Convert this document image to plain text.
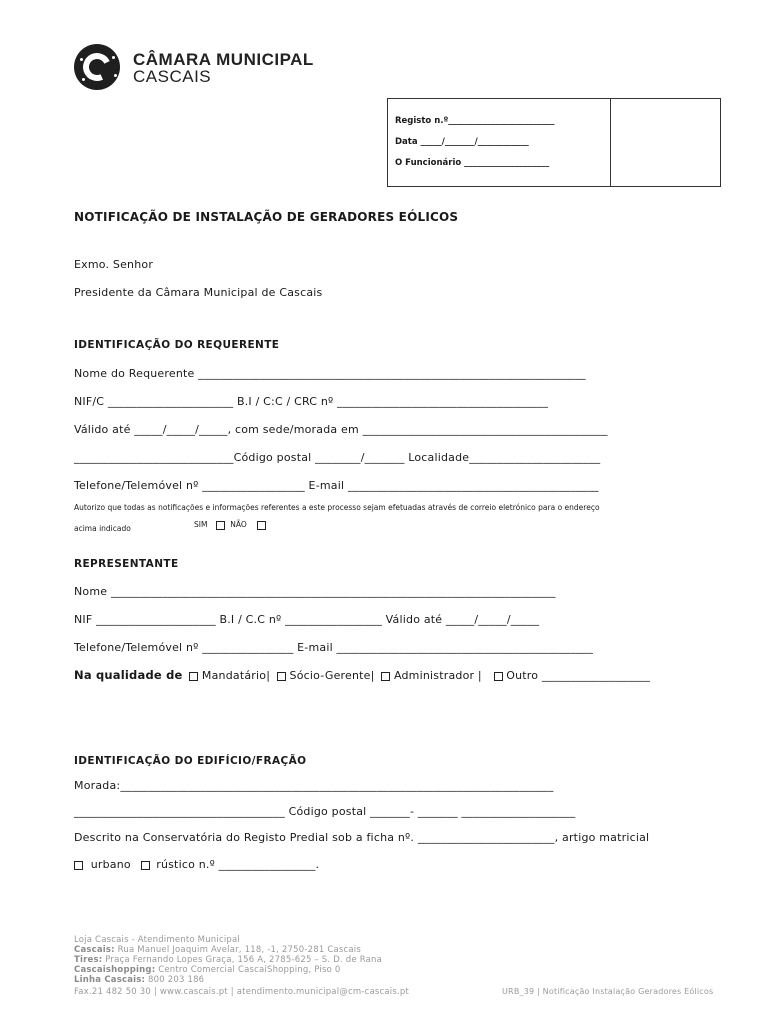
CÂMARA MUNICIPAL
CASCAIS
Registo n.º_________________________
Data _____/_______/____________
O Funcionário ____________________
NOTIFICAÇÃO DE INSTALAÇÃO DE GERADORES EÓLICOS
Exmo. Senhor
Presidente da Câmara Municipal de Cascais
IDENTIFICAÇÃO DO REQUERENTE
Nome do Requerente ____________________________________________________________________
NIF/C ______________________ B.I / C:C / CRC nº _____________________________________
Válido até _____/_____/_____, com sede/morada em ___________________________________________
____________________________Código postal ________/_______ Localidade_______________________
Telefone/Telemóvel nº __________________ E-mail ____________________________________________
Autorizo que todas as notificações e informações referentes a este processo sejam efetuadas através de correio eletrónico para o endereço
acima indicado	SIM	NÃO
REPRESENTANTE
Nome ______________________________________________________________________________
NIF _____________________ B.I / C.C nº _________________ Válido até _____/_____/_____
Telefone/Telemóvel nº ________________ E-mail _____________________________________________
Na qualidade de Mandatário| Sócio-Gerente| Administrador | Outro ___________________
IDENTIFICAÇÃO DO EDIFÍCIO/FRAÇÃO
Morada:____________________________________________________________________________
_____________________________________ Código postal _______- _______ ____________________
Descrito na Conservatória do Registo Predial sob a ficha nº. ________________________, artigo matricial
urbano rústico n.º _________________.
Loja Cascais - Atendimento Municipal
Cascais: Rua Manuel Joaquim Avelar, 118, -1, 2750-281 Cascais
Tires: Praça Fernando Lopes Graça, 156 A, 2785-625 – S. D. de Rana
Cascaishopping: Centro Comercial CascaiShopping, Piso 0
Linha Cascais: 800 203 186
Fax.21 482 50 30 | www.cascais.pt | atendimento.municipal@cm-cascais.pt	URB_39 | Notificação Instalação Geradores Eólicos
